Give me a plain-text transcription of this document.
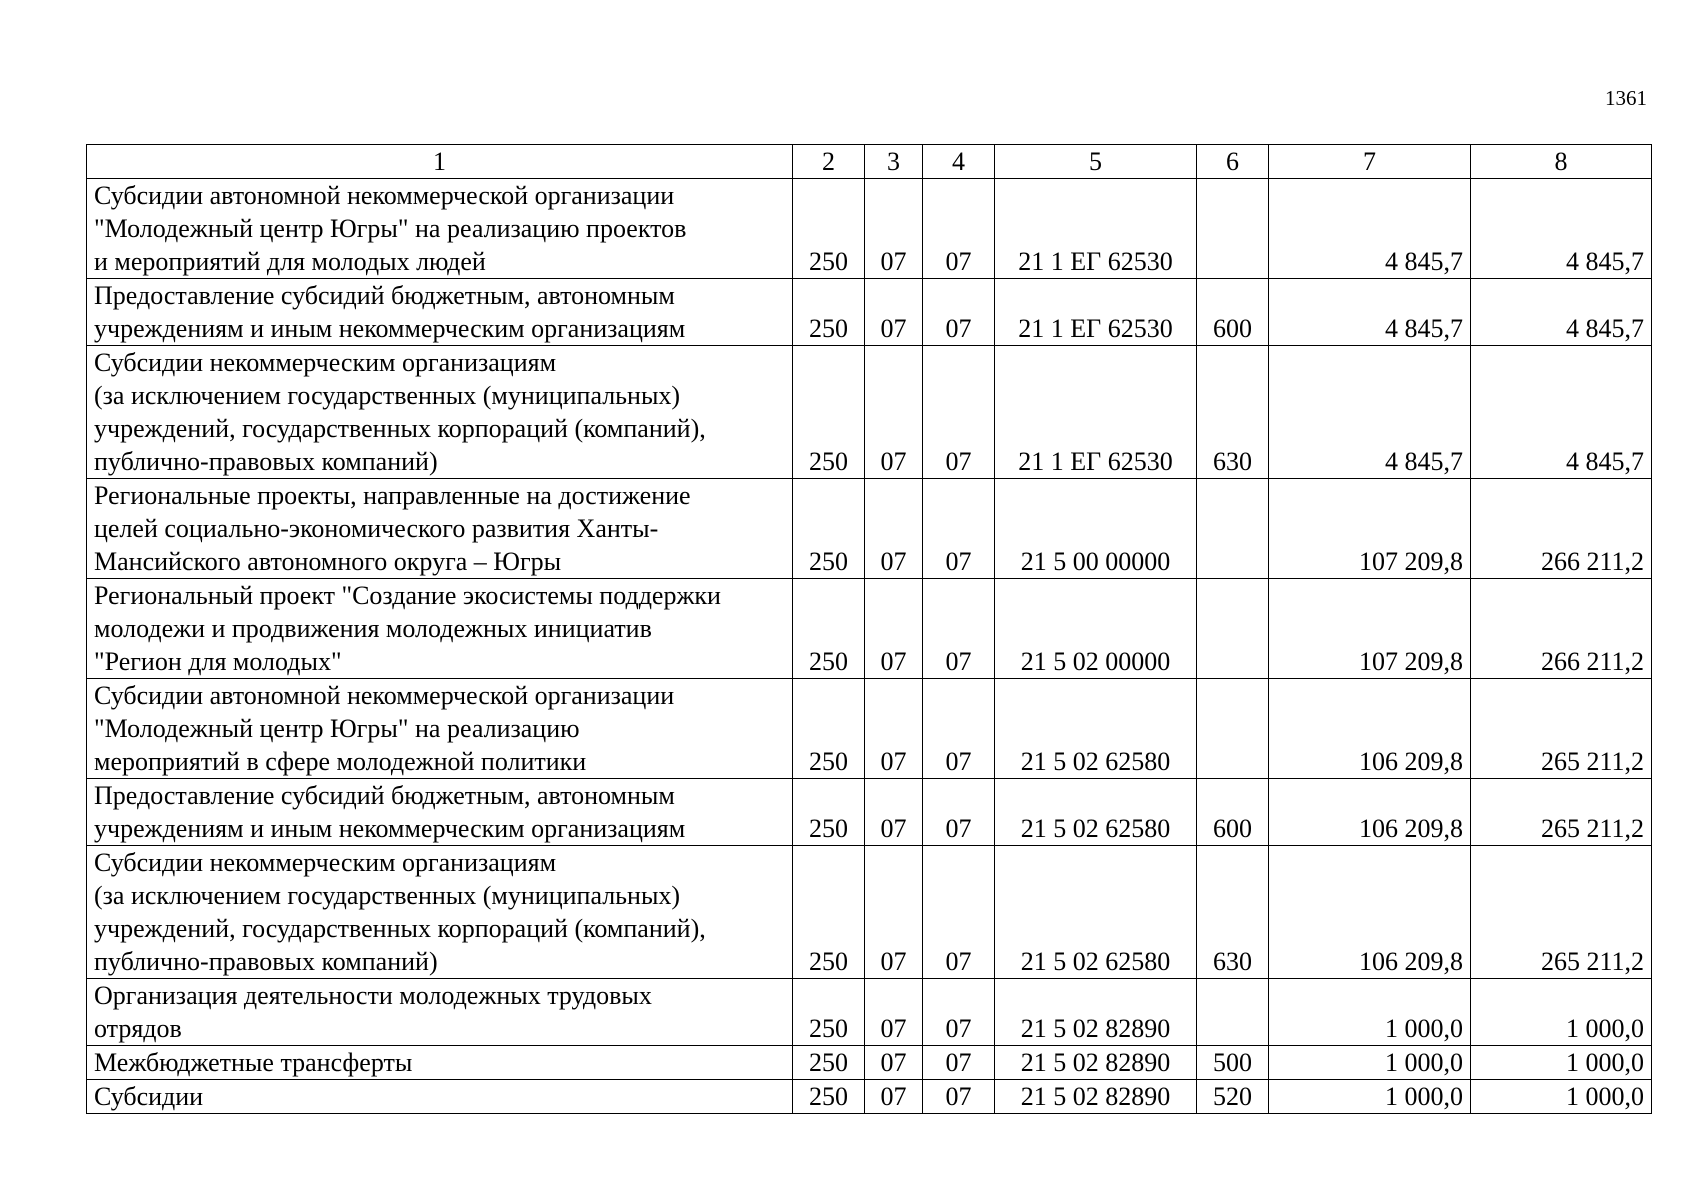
1361
1	2	3	4	5	6	7	8

Субсидии автономной некоммерческой организации
"Молодежный центр Югры" на реализацию проектов
и мероприятий для молодых людей	250	07	07	21 1 ЕГ 62530		4 845,7	4 845,7

Предоставление субсидий бюджетным, автономным
учреждениям и иным некоммерческим организациям	250	07	07	21 1 ЕГ 62530	600	4 845,7	4 845,7

Субсидии некоммерческим организациям
(за исключением государственных (муниципальных)
учреждений, государственных корпораций (компаний),
публично-правовых компаний)	250	07	07	21 1 ЕГ 62530	630	4 845,7	4 845,7

Региональные проекты, направленные на достижение
целей социально-экономического развития Ханты-
Мансийского автономного округа – Югры	250	07	07	21 5 00 00000		107 209,8	266 211,2

Региональный проект "Создание экосистемы поддержки
молодежи и продвижения молодежных инициатив
"Регион для молодых"	250	07	07	21 5 02 00000		107 209,8	266 211,2

Субсидии автономной некоммерческой организации
"Молодежный центр Югры" на реализацию
мероприятий в сфере молодежной политики	250	07	07	21 5 02 62580		106 209,8	265 211,2

Предоставление субсидий бюджетным, автономным
учреждениям и иным некоммерческим организациям	250	07	07	21 5 02 62580	600	106 209,8	265 211,2

Субсидии некоммерческим организациям
(за исключением государственных (муниципальных)
учреждений, государственных корпораций (компаний),
публично-правовых компаний)	250	07	07	21 5 02 62580	630	106 209,8	265 211,2

Организация деятельности молодежных трудовых
отрядов	250	07	07	21 5 02 82890		1 000,0	1 000,0

Межбюджетные трансферты	250	07	07	21 5 02 82890	500	1 000,0	1 000,0

Субсидии	250	07	07	21 5 02 82890	520	1 000,0	1 000,0
